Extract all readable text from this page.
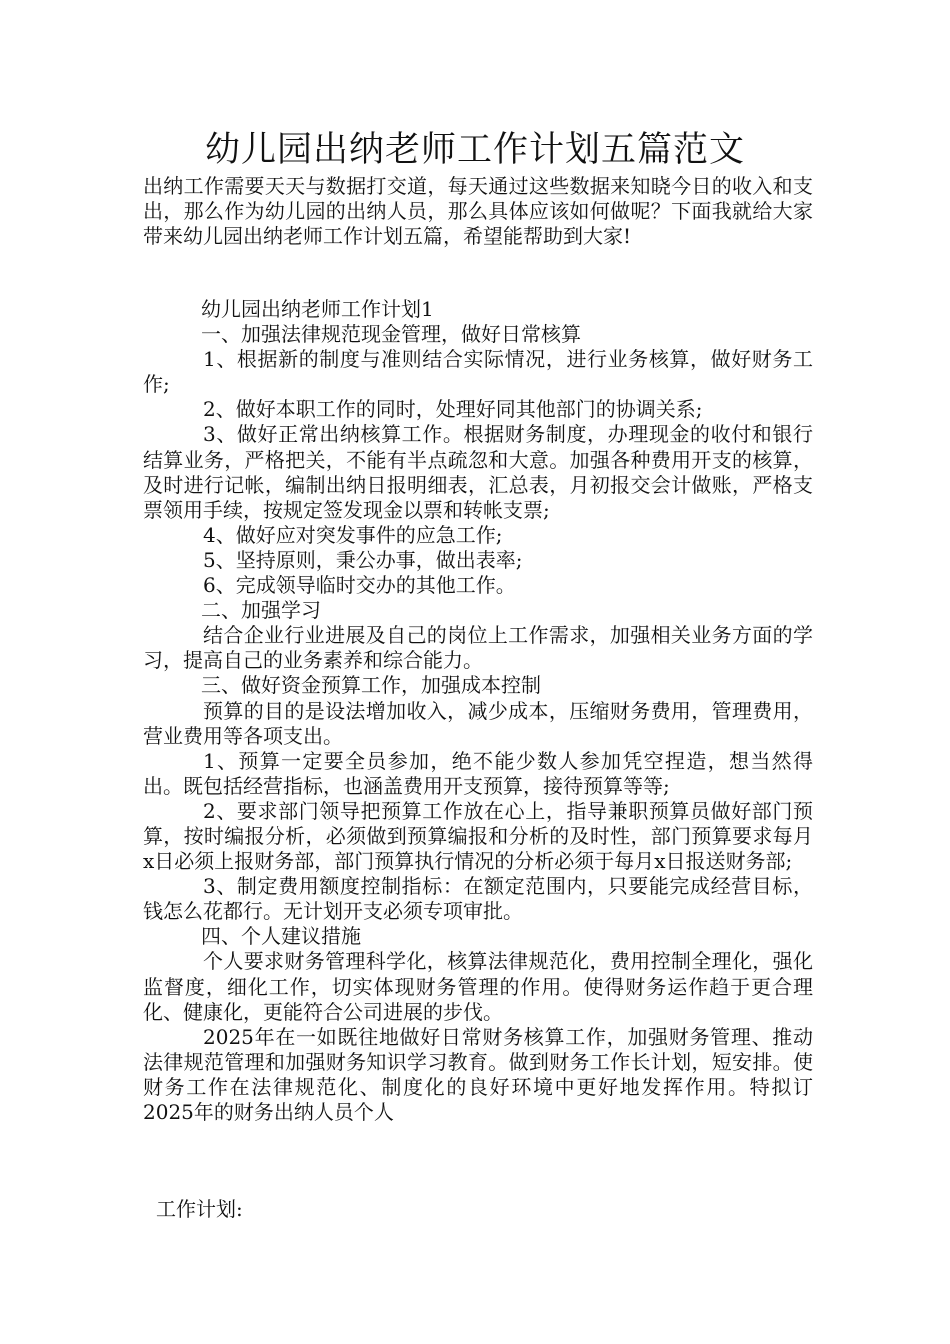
幼儿园出纳老师工作计划五篇范文

出纳工作需要天天与数据打交道，每天通过这些数据来知晓今日的收入和支出，那么作为幼儿园的出纳人员，那么具体应该如何做呢？下面我就给大家带来幼儿园出纳老师工作计划五篇，希望能帮助到大家!

幼儿园出纳老师工作计划1

一、加强法律规范现金管理，做好日常核算

1、根据新的制度与准则结合实际情况，进行业务核算，做好财务工作;

2、做好本职工作的同时，处理好同其他部门的协调关系;

3、做好正常出纳核算工作。根据财务制度，办理现金的收付和银行结算业务，严格把关，不能有半点疏忽和大意。加强各种费用开支的核算，及时进行记帐，编制出纳日报明细表，汇总表，月初报交会计做账，严格支票领用手续，按规定签发现金以票和转帐支票;

4、做好应对突发事件的应急工作;

5、坚持原则，秉公办事，做出表率;

6、完成领导临时交办的其他工作。

二、加强学习

结合企业行业进展及自己的岗位上工作需求，加强相关业务方面的学习，提高自己的业务素养和综合能力。

三、做好资金预算工作，加强成本控制

预算的目的是设法增加收入，减少成本，压缩财务费用，管理费用，营业费用等各项支出。

1、预算一定要全员参加，绝不能少数人参加凭空捏造，想当然得出。既包括经营指标，也涵盖费用开支预算，接待预算等等;

2、要求部门领导把预算工作放在心上，指导兼职预算员做好部门预算，按时编报分析，必须做到预算编报和分析的及时性，部门预算要求每月x日必须上报财务部，部门预算执行情况的分析必须于每月x日报送财务部;

3、制定费用额度控制指标：在额定范围内，只要能完成经营目标，钱怎么花都行。无计划开支必须专项审批。

四、个人建议措施

个人要求财务管理科学化，核算法律规范化，费用控制全理化，强化监督度，细化工作，切实体现财务管理的作用。使得财务运作趋于更合理化、健康化，更能符合公司进展的步伐。

2025年在一如既往地做好日常财务核算工作，加强财务管理、推动法律规范管理和加强财务知识学习教育。做到财务工作长计划，短安排。使财务工作在法律规范化、制度化的良好环境中更好地发挥作用。特拟订2025年的财务出纳人员个人

工作计划:
